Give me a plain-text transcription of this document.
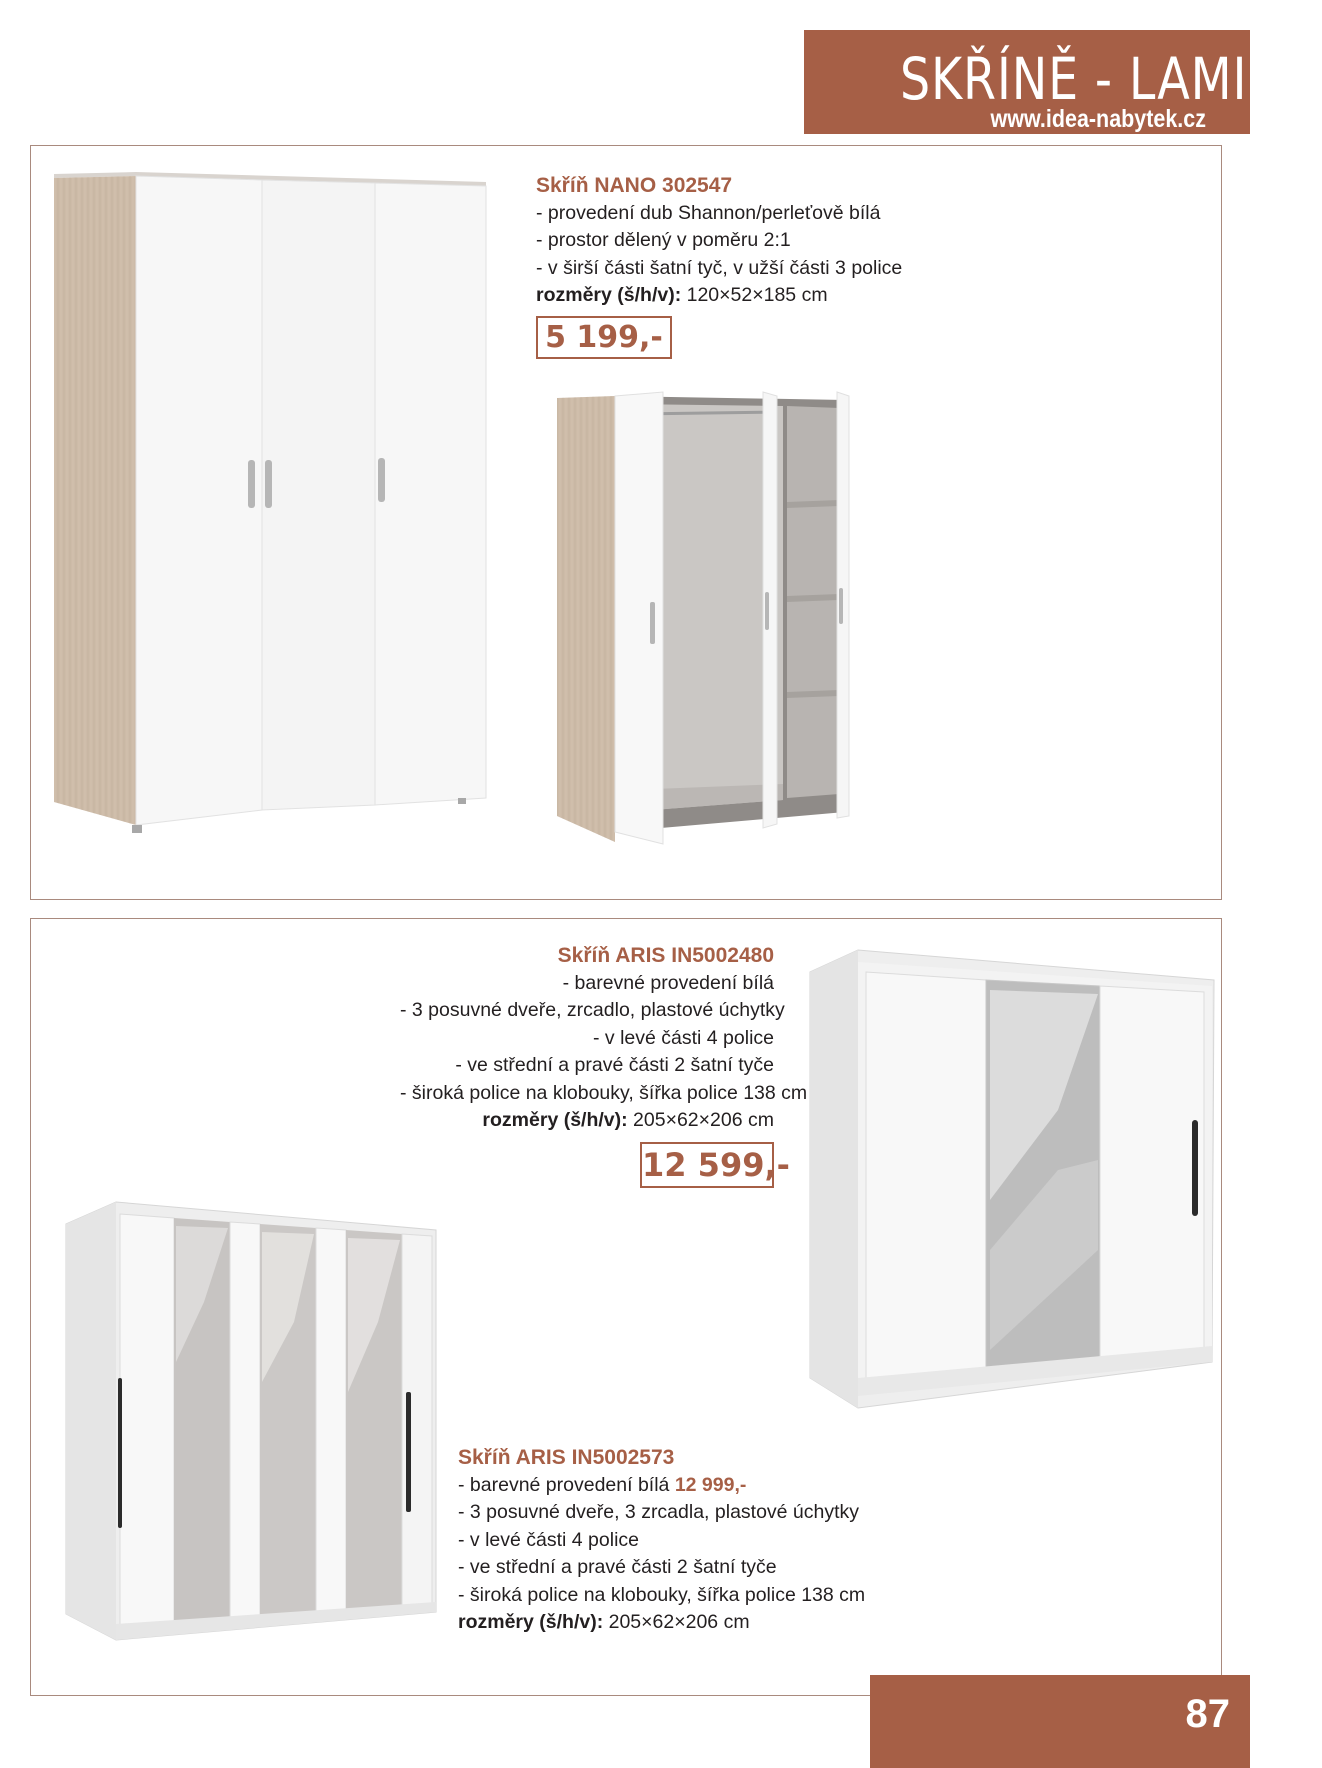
SKŘÍNĚ - LAMINO
www.idea-nabytek.cz
Skříň NANO 302547
- provedení dub Shannon/perleťově bílá
- prostor dělený v poměru 2:1
- v širší části šatní tyč, v užší části 3 police
rozměry (š/h/v): 120×52×185 cm
5 199,-
Skříň ARIS IN5002480
- barevné provedení bílá
- 3 posuvné dveře, zrcadlo, plastové úchytky
- v levé části 4 police
- ve střední a pravé části 2 šatní tyče
- široká police na klobouky, šířka police 138 cm
rozměry (š/h/v): 205×62×206 cm
12 599,-
Skříň ARIS IN5002573
- barevné provedení bílá 12 999,-
- 3 posuvné dveře, 3 zrcadla, plastové úchytky
- v levé části 4 police
- ve střední a pravé části 2 šatní tyče
- široká police na klobouky, šířka police 138 cm
rozměry (š/h/v): 205×62×206 cm
87
